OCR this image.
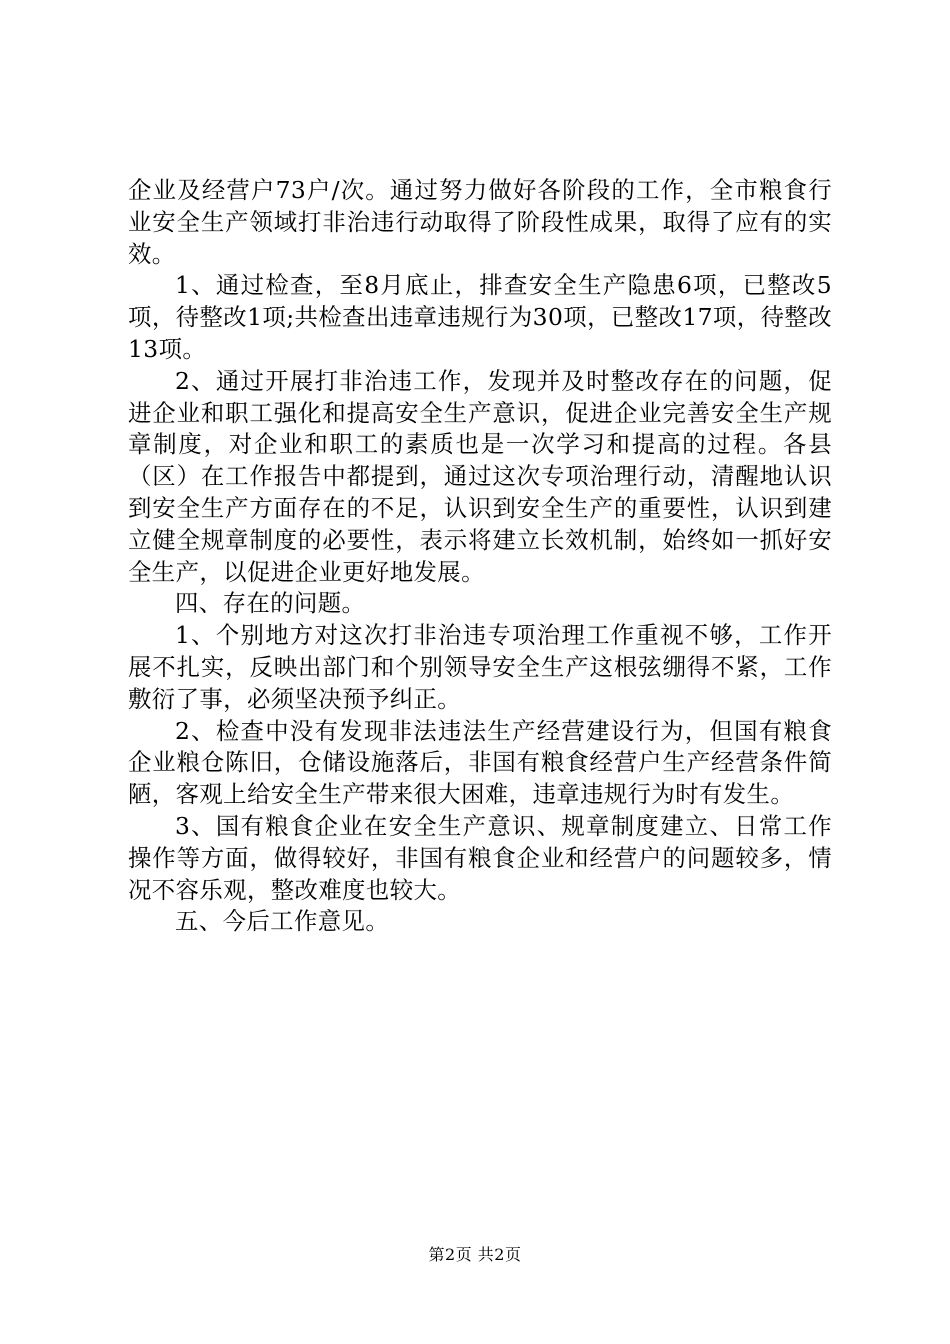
企业及经营户73户/次。通过努力做好各阶段的工作，全市粮食行业安全生产领域打非治违行动取得了阶段性成果，取得了应有的实效。

1、通过检查，至8月底止，排查安全生产隐患6项，已整改5项，待整改1项;共检查出违章违规行为30项，已整改17项，待整改13项。

2、通过开展打非治违工作，发现并及时整改存在的问题，促进企业和职工强化和提高安全生产意识，促进企业完善安全生产规章制度，对企业和职工的素质也是一次学习和提高的过程。各县（区）在工作报告中都提到，通过这次专项治理行动，清醒地认识到安全生产方面存在的不足，认识到安全生产的重要性，认识到建立健全规章制度的必要性，表示将建立长效机制，始终如一抓好安全生产，以促进企业更好地发展。

四、存在的问题。

1、个别地方对这次打非治违专项治理工作重视不够，工作开展不扎实，反映出部门和个别领导安全生产这根弦绷得不紧，工作敷衍了事，必须坚决预予纠正。

2、检查中没有发现非法违法生产经营建设行为，但国有粮食企业粮仓陈旧，仓储设施落后，非国有粮食经营户生产经营条件简陋，客观上给安全生产带来很大困难，违章违规行为时有发生。

3、国有粮食企业在安全生产意识、规章制度建立、日常工作操作等方面，做得较好，非国有粮食企业和经营户的问题较多，情况不容乐观，整改难度也较大。

五、今后工作意见。

第2页 共2页
